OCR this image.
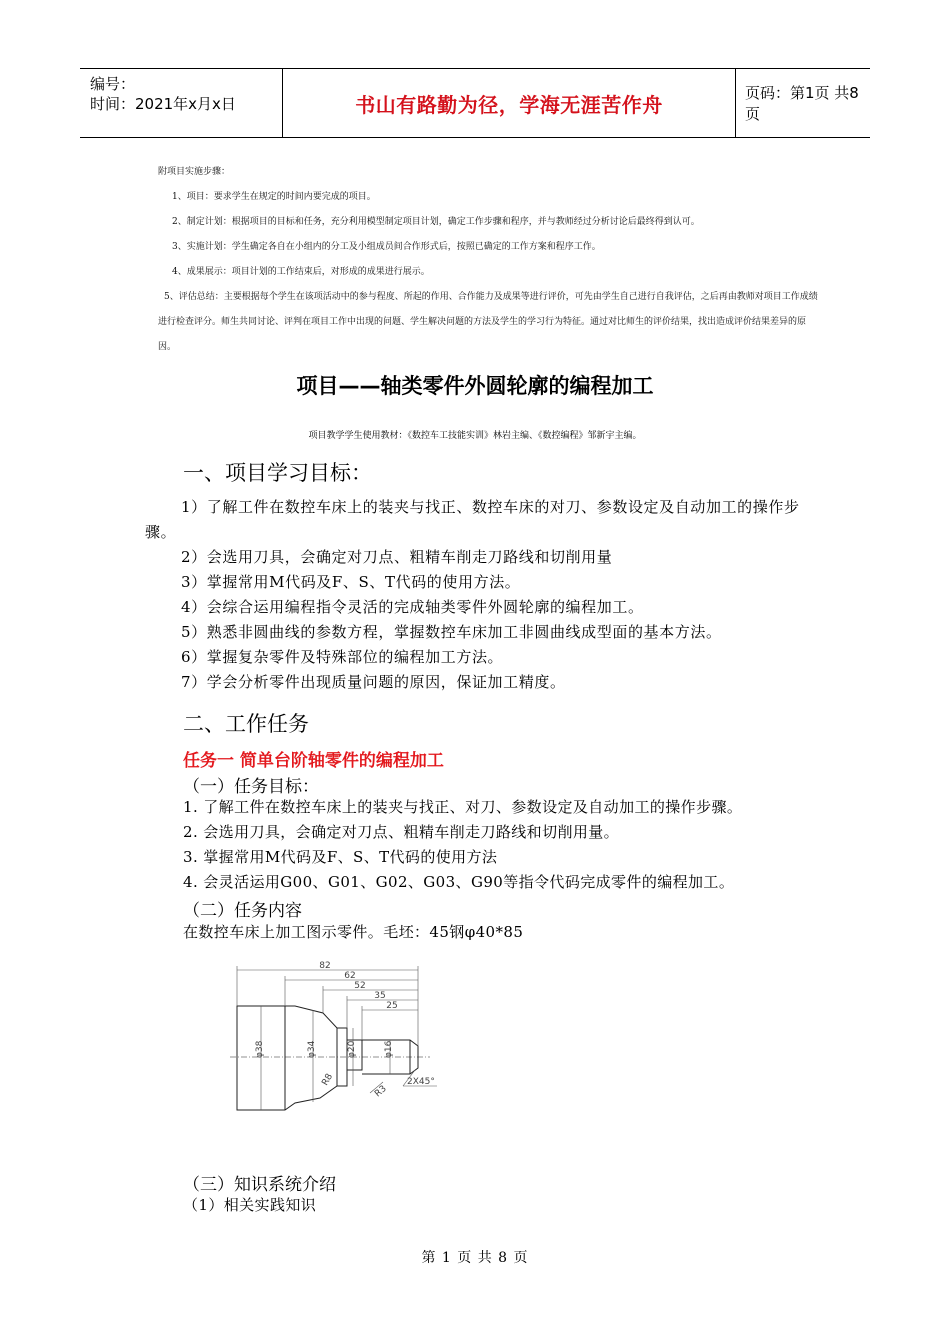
编号：
时间：2021年x月x日	书山有路勤为径，学海无涯苦作舟	页码：第1页 共8页

附项目实施步骤：

1、项目：要求学生在规定的时间内要完成的项目。

2、制定计划：根据项目的目标和任务，充分利用模型制定项目计划，确定工作步骤和程序，并与教师经过分析讨论后最终得到认可。

3、实施计划：学生确定各自在小组内的分工及小组成员间合作形式后，按照已确定的工作方案和程序工作。

4、成果展示：项目计划的工作结束后，对形成的成果进行展示。

5、评估总结：主要根据每个学生在该项活动中的参与程度、所起的作用、合作能力及成果等进行评价，可先由学生自己进行自我评估，之后再由教师对项目工作成绩进行检查评分。师生共同讨论、评判在项目工作中出现的问题、学生解决问题的方法及学生的学习行为特征。通过对比师生的评价结果，找出造成评价结果差异的原因。

项目——轴类零件外圆轮廓的编程加工
项目教学学生使用教材：《数控车工技能实训》林岩主编、《数控编程》邹新宇主编。
一、项目学习目标：

1）了解工件在数控车床上的装夹与找正、数控车床的对刀、参数设定及自动加工的操作步骤。

2）会选用刀具，会确定对刀点、粗精车削走刀路线和切削用量

3）掌握常用M代码及F、S、T代码的使用方法。

4）会综合运用编程指令灵活的完成轴类零件外圆轮廓的编程加工。

5）熟悉非圆曲线的参数方程，掌握数控车床加工非圆曲线成型面的基本方法。

6）掌握复杂零件及特殊部位的编程加工方法。

7）学会分析零件出现质量问题的原因，保证加工精度。

二、工作任务
任务一 简单台阶轴零件的编程加工
（一）任务目标：

1. 了解工件在数控车床上的装夹与找正、对刀、参数设定及自动加工的操作步骤。

2. 会选用刀具，会确定对刀点、粗精车削走刀路线和切削用量。

3. 掌握常用M代码及F、S、T代码的使用方法

4. 会灵活运用G00、G01、G02、G03、G90等指令代码完成零件的编程加工。

（二）任务内容
在数控车床上加工图示零件。毛坯：45钢φ40*85
82
62
52
35
25
φ38	φ34	φ20	φ16
R8
R3
2X45°
（三）知识系统介绍
（1）相关实践知识
第 1 页 共 8 页
